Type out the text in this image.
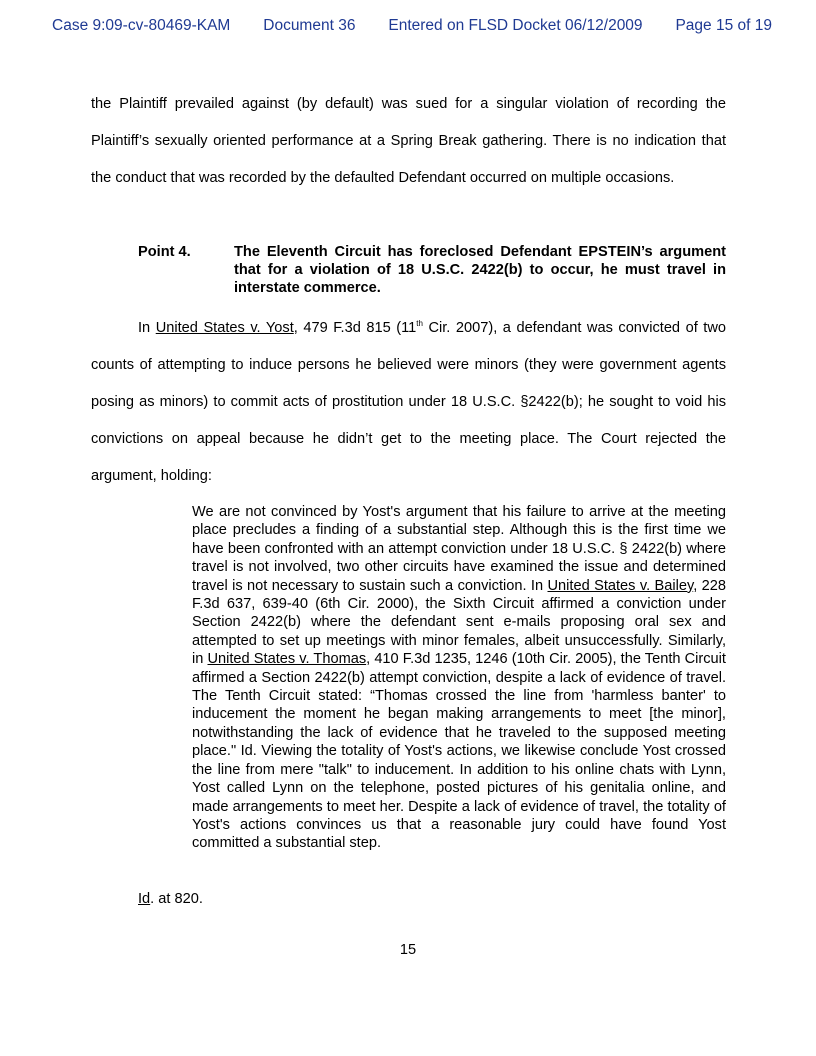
Case 9:09-cv-80469-KAM Document 36 Entered on FLSD Docket 06/12/2009 Page 15 of 19

the Plaintiff prevailed against (by default) was sued for a singular violation of recording the Plaintiff’s sexually oriented performance at a Spring Break gathering. There is no indication that the conduct that was recorded by the defaulted Defendant occurred on multiple occasions.

Point 4.	The Eleventh Circuit has foreclosed Defendant EPSTEIN’s argument that for a violation of 18 U.S.C. 2422(b) to occur, he must travel in interstate commerce.

In United States v. Yost, 479 F.3d 815 (11th Cir. 2007), a defendant was convicted of two counts of attempting to induce persons he believed were minors (they were government agents posing as minors) to commit acts of prostitution under 18 U.S.C. §2422(b); he sought to void his convictions on appeal because he didn’t get to the meeting place. The Court rejected the argument, holding:

We are not convinced by Yost's argument that his failure to arrive at the meeting place precludes a finding of a substantial step. Although this is the first time we have been confronted with an attempt conviction under 18 U.S.C. § 2422(b) where travel is not involved, two other circuits have examined the issue and determined travel is not necessary to sustain such a conviction. In United States v. Bailey, 228 F.3d 637, 639-40 (6th Cir. 2000), the Sixth Circuit affirmed a conviction under Section 2422(b) where the defendant sent e-mails proposing oral sex and attempted to set up meetings with minor females, albeit unsuccessfully. Similarly, in United States v. Thomas, 410 F.3d 1235, 1246 (10th Cir. 2005), the Tenth Circuit affirmed a Section 2422(b) attempt conviction, despite a lack of evidence of travel. The Tenth Circuit stated: “Thomas crossed the line from 'harmless banter' to inducement the moment he began making arrangements to meet [the minor], notwithstanding the lack of evidence that he traveled to the supposed meeting place." Id. Viewing the totality of Yost's actions, we likewise conclude Yost crossed the line from mere "talk" to inducement. In addition to his online chats with Lynn, Yost called Lynn on the telephone, posted pictures of his genitalia online, and made arrangements to meet her. Despite a lack of evidence of travel, the totality of Yost's actions convinces us that a reasonable jury could have found Yost committed a substantial step.

Id. at 820.
15
